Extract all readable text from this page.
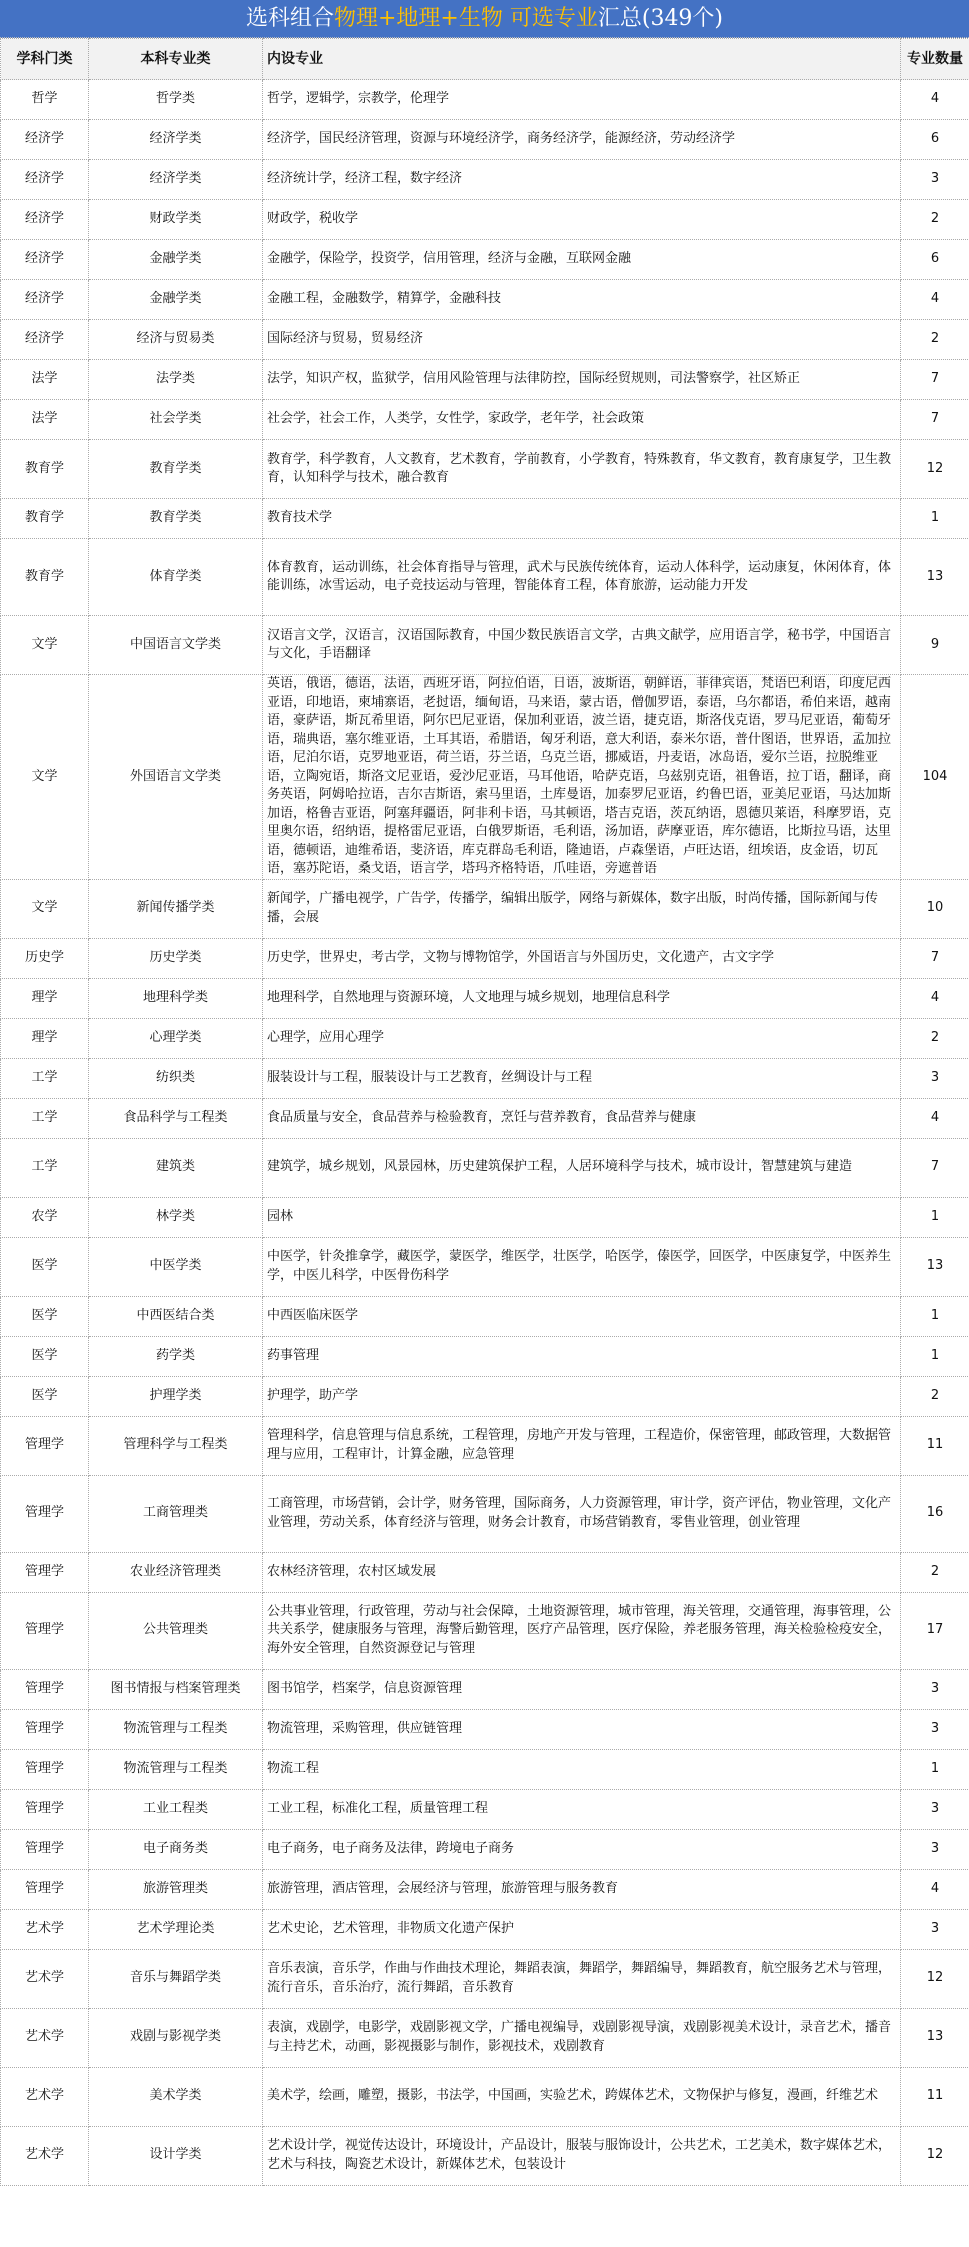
选科组合物理+地理+生物 可选专业汇总(349个)
学科门类	本科专业类	内设专业	专业数量
哲学	哲学类	哲学，逻辑学，宗教学，伦理学	4
经济学	经济学类	经济学，国民经济管理，资源与环境经济学，商务经济学，能源经济，劳动经济学	6
经济学	经济学类	经济统计学，经济工程，数字经济	3
经济学	财政学类	财政学，税收学	2
经济学	金融学类	金融学，保险学，投资学，信用管理，经济与金融，互联网金融	6
经济学	金融学类	金融工程，金融数学，精算学，金融科技	4
经济学	经济与贸易类	国际经济与贸易，贸易经济	2
法学	法学类	法学，知识产权，监狱学，信用风险管理与法律防控，国际经贸规则，司法警察学，社区矫正	7
法学	社会学类	社会学，社会工作，人类学，女性学，家政学，老年学，社会政策	7
教育学	教育学类	教育学，科学教育，人文教育，艺术教育，学前教育，小学教育，特殊教育，华文教育，教育康复学，卫生教育，认知科学与技术，融合教育	12
教育学	教育学类	教育技术学	1
教育学	体育学类	体育教育，运动训练，社会体育指导与管理，武术与民族传统体育，运动人体科学，运动康复，休闲体育，体能训练，冰雪运动，电子竞技运动与管理，智能体育工程，体育旅游，运动能力开发	13
文学	中国语言文学类	汉语言文学，汉语言，汉语国际教育，中国少数民族语言文学，古典文献学，应用语言学，秘书学，中国语言与文化，手语翻译	9
文学	外国语言文学类	英语，俄语，德语，法语，西班牙语，阿拉伯语，日语，波斯语，朝鲜语，菲律宾语，梵语巴利语，印度尼西亚语，印地语，柬埔寨语，老挝语，缅甸语，马来语，蒙古语，僧伽罗语，泰语，乌尔都语，希伯来语，越南语，豪萨语，斯瓦希里语，阿尔巴尼亚语，保加利亚语，波兰语，捷克语，斯洛伐克语，罗马尼亚语，葡萄牙语，瑞典语，塞尔维亚语，土耳其语，希腊语，匈牙利语，意大利语，泰米尔语，普什图语，世界语，孟加拉语，尼泊尔语，克罗地亚语，荷兰语，芬兰语，乌克兰语，挪威语，丹麦语，冰岛语，爱尔兰语，拉脱维亚语，立陶宛语，斯洛文尼亚语，爱沙尼亚语，马耳他语，哈萨克语，乌兹别克语，祖鲁语，拉丁语，翻译，商务英语，阿姆哈拉语，吉尔吉斯语，索马里语，土库曼语，加泰罗尼亚语，约鲁巴语，亚美尼亚语，马达加斯加语，格鲁吉亚语，阿塞拜疆语，阿非利卡语，马其顿语，塔吉克语，茨瓦纳语，恩德贝莱语，科摩罗语，克里奥尔语，绍纳语，提格雷尼亚语，白俄罗斯语，毛利语，汤加语，萨摩亚语，库尔德语，比斯拉马语，达里语，德顿语，迪维希语，斐济语，库克群岛毛利语，隆迪语，卢森堡语，卢旺达语，纽埃语，皮金语，切瓦语，塞苏陀语，桑戈语，语言学，塔玛齐格特语，爪哇语，旁遮普语	104
文学	新闻传播学类	新闻学，广播电视学，广告学，传播学，编辑出版学，网络与新媒体，数字出版，时尚传播，国际新闻与传播，会展	10
历史学	历史学类	历史学，世界史，考古学，文物与博物馆学，外国语言与外国历史，文化遗产，古文字学	7
理学	地理科学类	地理科学，自然地理与资源环境，人文地理与城乡规划，地理信息科学	4
理学	心理学类	心理学，应用心理学	2
工学	纺织类	服装设计与工程，服装设计与工艺教育，丝绸设计与工程	3
工学	食品科学与工程类	食品质量与安全，食品营养与检验教育，烹饪与营养教育，食品营养与健康	4
工学	建筑类	建筑学，城乡规划，风景园林，历史建筑保护工程，人居环境科学与技术，城市设计，智慧建筑与建造	7
农学	林学类	园林	1
医学	中医学类	中医学，针灸推拿学，藏医学，蒙医学，维医学，壮医学，哈医学，傣医学，回医学，中医康复学，中医养生学，中医儿科学，中医骨伤科学	13
医学	中西医结合类	中西医临床医学	1
医学	药学类	药事管理	1
医学	护理学类	护理学，助产学	2
管理学	管理科学与工程类	管理科学，信息管理与信息系统，工程管理，房地产开发与管理，工程造价，保密管理，邮政管理，大数据管理与应用，工程审计，计算金融，应急管理	11
管理学	工商管理类	工商管理，市场营销，会计学，财务管理，国际商务，人力资源管理，审计学，资产评估，物业管理，文化产业管理，劳动关系，体育经济与管理，财务会计教育，市场营销教育，零售业管理，创业管理	16
管理学	农业经济管理类	农林经济管理，农村区域发展	2
管理学	公共管理类	公共事业管理，行政管理，劳动与社会保障，土地资源管理，城市管理，海关管理，交通管理，海事管理，公共关系学，健康服务与管理，海警后勤管理，医疗产品管理，医疗保险，养老服务管理，海关检验检疫安全，海外安全管理，自然资源登记与管理	17
管理学	图书情报与档案管理类	图书馆学，档案学，信息资源管理	3
管理学	物流管理与工程类	物流管理，采购管理，供应链管理	3
管理学	物流管理与工程类	物流工程	1
管理学	工业工程类	工业工程，标准化工程，质量管理工程	3
管理学	电子商务类	电子商务，电子商务及法律，跨境电子商务	3
管理学	旅游管理类	旅游管理，酒店管理，会展经济与管理，旅游管理与服务教育	4
艺术学	艺术学理论类	艺术史论，艺术管理，非物质文化遗产保护	3
艺术学	音乐与舞蹈学类	音乐表演，音乐学，作曲与作曲技术理论，舞蹈表演，舞蹈学，舞蹈编导，舞蹈教育，航空服务艺术与管理，流行音乐，音乐治疗，流行舞蹈，音乐教育	12
艺术学	戏剧与影视学类	表演，戏剧学，电影学，戏剧影视文学，广播电视编导，戏剧影视导演，戏剧影视美术设计，录音艺术，播音与主持艺术，动画，影视摄影与制作，影视技术，戏剧教育	13
艺术学	美术学类	美术学，绘画，雕塑，摄影，书法学，中国画，实验艺术，跨媒体艺术，文物保护与修复，漫画，纤维艺术	11
艺术学	设计学类	艺术设计学，视觉传达设计，环境设计，产品设计，服装与服饰设计，公共艺术，工艺美术，数字媒体艺术，艺术与科技，陶瓷艺术设计，新媒体艺术，包装设计	12
